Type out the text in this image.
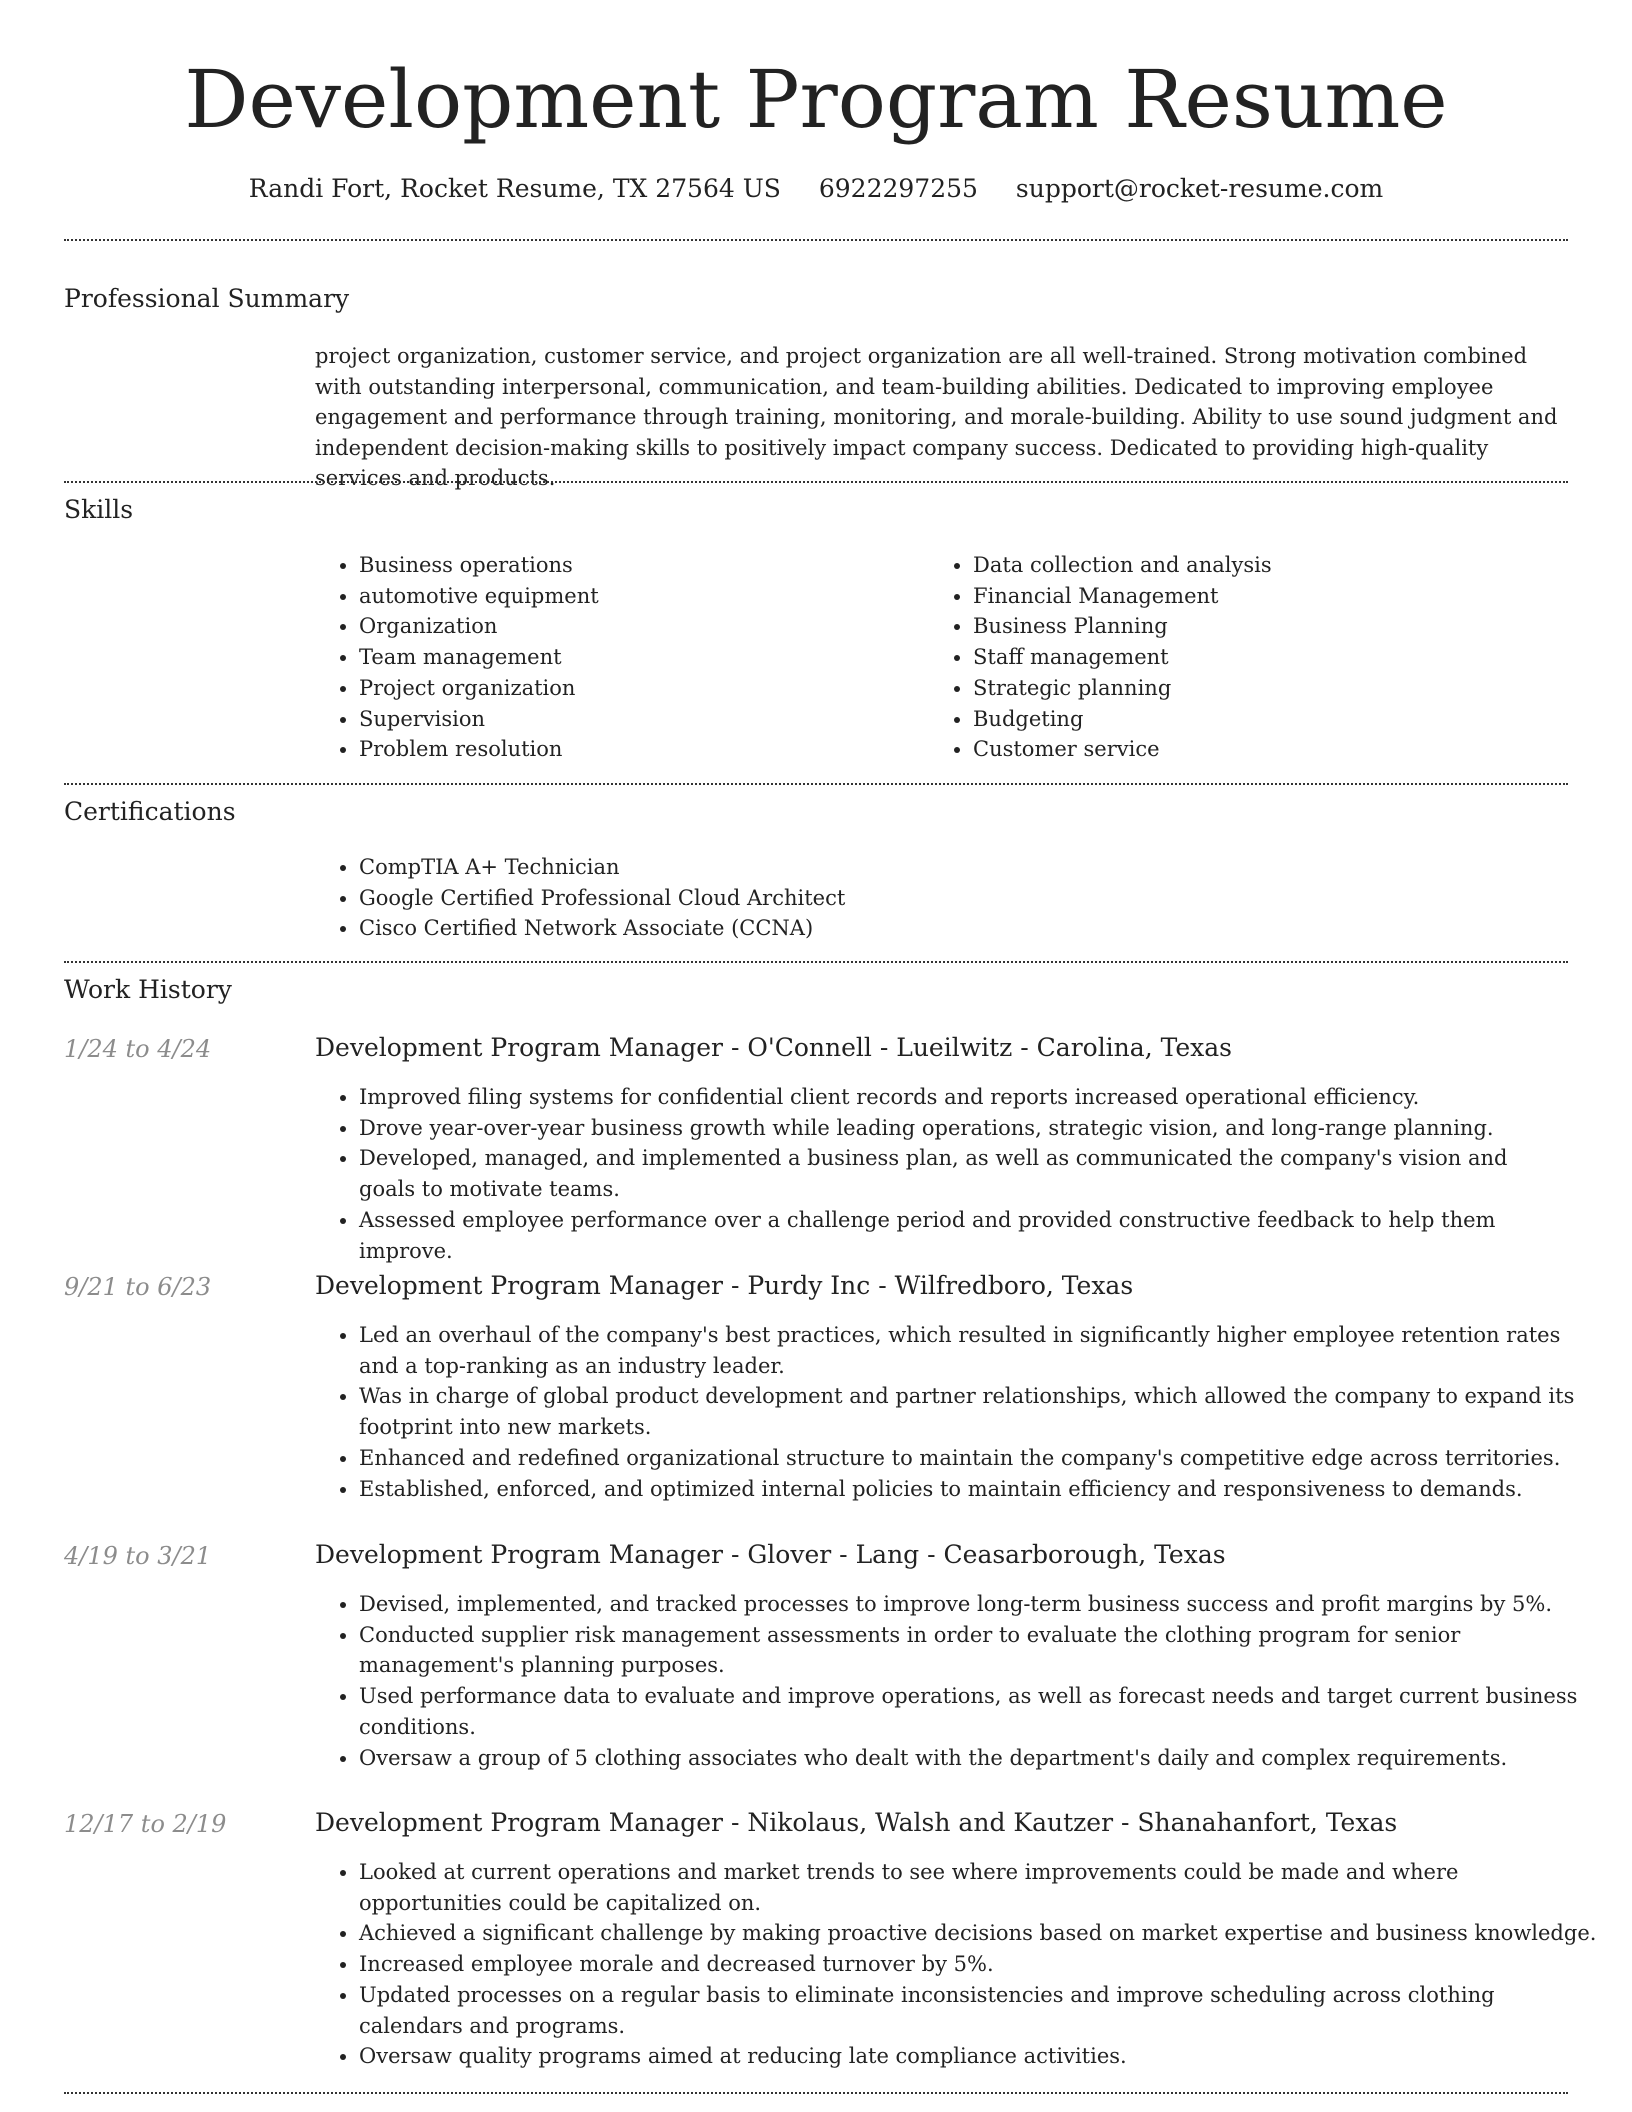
Development Program Resume
Randi Fort, Rocket Resume, TX 27564 US 6922297255 support@rocket-resume.com
Professional Summary

project organization, customer service, and project organization are all well-trained. Strong motivation combined with outstanding interpersonal, communication, and team-building abilities. Dedicated to improving employee engagement and performance through training, monitoring, and morale-building. Ability to use sound judgment and independent decision-making skills to positively impact company success. Dedicated to providing high-quality services and products.

Skills
• Business operations
• automotive equipment
• Organization
• Team management
• Project organization
• Supervision
• Problem resolution
• Data collection and analysis
• Financial Management
• Business Planning
• Staff management
• Strategic planning
• Budgeting
• Customer service
Certifications
• CompTIA A+ Technician
• Google Certified Professional Cloud Architect
• Cisco Certified Network Associate (CCNA)
Work History
1/24 to 4/24	Development Program Manager - O'Connell - Lueilwitz - Carolina, Texas
• Improved filing systems for confidential client records and reports increased operational efficiency.
• Drove year-over-year business growth while leading operations, strategic vision, and long-range planning.
• Developed, managed, and implemented a business plan, as well as communicated the company's vision and goals to motivate teams.
• Assessed employee performance over a challenge period and provided constructive feedback to help them improve.
9/21 to 6/23	Development Program Manager - Purdy Inc - Wilfredboro, Texas
• Led an overhaul of the company's best practices, which resulted in significantly higher employee retention rates and a top-ranking as an industry leader.
• Was in charge of global product development and partner relationships, which allowed the company to expand its footprint into new markets.
• Enhanced and redefined organizational structure to maintain the company's competitive edge across territories.
• Established, enforced, and optimized internal policies to maintain efficiency and responsiveness to demands.
4/19 to 3/21	Development Program Manager - Glover - Lang - Ceasarborough, Texas
• Devised, implemented, and tracked processes to improve long-term business success and profit margins by 5%.
• Conducted supplier risk management assessments in order to evaluate the clothing program for senior management's planning purposes.
• Used performance data to evaluate and improve operations, as well as forecast needs and target current business conditions.
• Oversaw a group of 5 clothing associates who dealt with the department's daily and complex requirements.
12/17 to 2/19	Development Program Manager - Nikolaus, Walsh and Kautzer - Shanahanfort, Texas
• Looked at current operations and market trends to see where improvements could be made and where opportunities could be capitalized on.
• Achieved a significant challenge by making proactive decisions based on market expertise and business knowledge.
• Increased employee morale and decreased turnover by 5%.
• Updated processes on a regular basis to eliminate inconsistencies and improve scheduling across clothing calendars and programs.
• Oversaw quality programs aimed at reducing late compliance activities.
